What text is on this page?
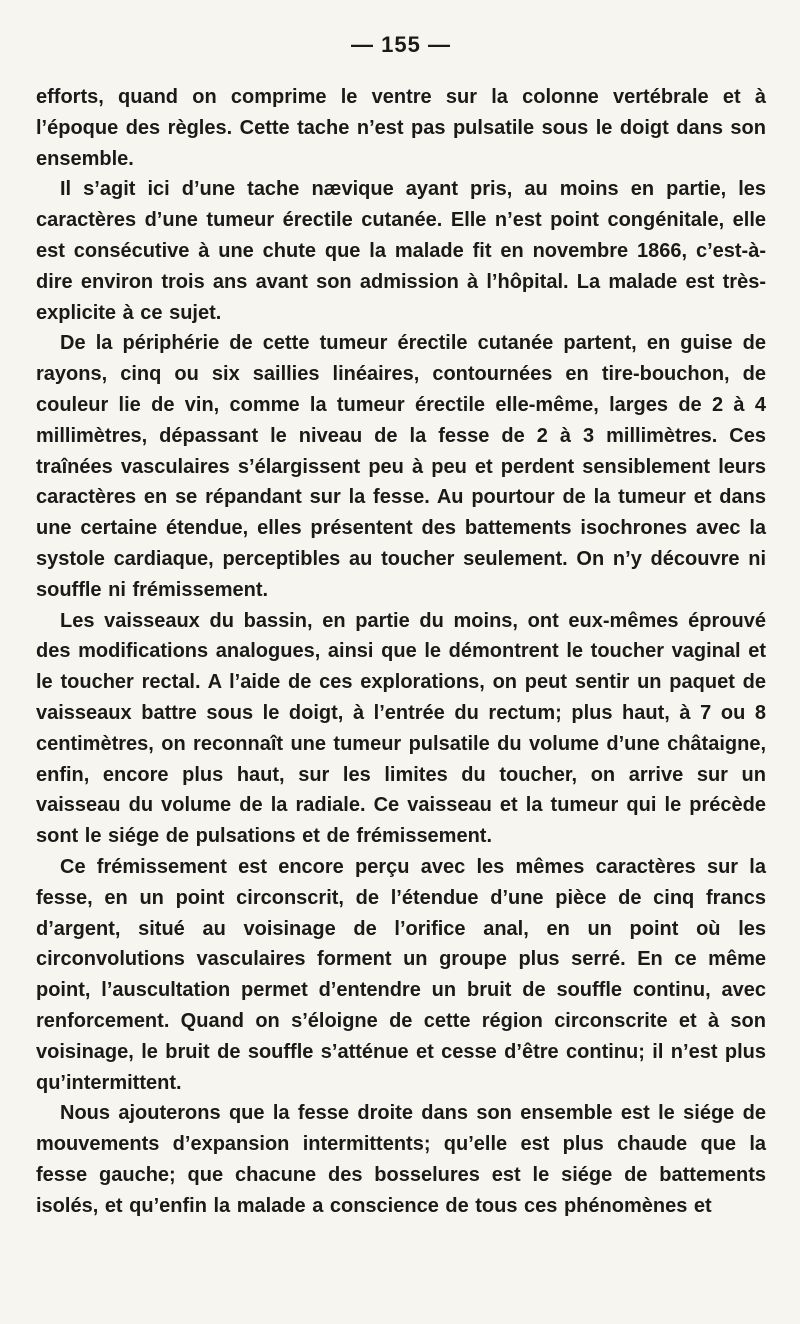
— 155 —

efforts, quand on comprime le ventre sur la colonne vertébrale et à l’époque des règles. Cette tache n’est pas pulsatile sous le doigt dans son ensemble.

Il s’agit ici d’une tache nævique ayant pris, au moins en partie, les caractères d’une tumeur érectile cutanée. Elle n’est point congénitale, elle est consécutive à une chute que la malade fit en novembre 1866, c’est-à-dire environ trois ans avant son admission à l’hôpital. La malade est très-explicite à ce sujet.

De la périphérie de cette tumeur érectile cutanée partent, en guise de rayons, cinq ou six saillies linéaires, contournées en tire-bouchon, de couleur lie de vin, comme la tumeur érectile elle-même, larges de 2 à 4 millimètres, dépassant le niveau de la fesse de 2 à 3 millimètres. Ces traînées vasculaires s’élargissent peu à peu et perdent sensiblement leurs caractères en se répandant sur la fesse. Au pourtour de la tumeur et dans une certaine étendue, elles présentent des battements isochrones avec la systole cardiaque, perceptibles au toucher seulement. On n’y découvre ni souffle ni frémissement.

Les vaisseaux du bassin, en partie du moins, ont eux-mêmes éprouvé des modifications analogues, ainsi que le démontrent le toucher vaginal et le toucher rectal. A l’aide de ces explorations, on peut sentir un paquet de vaisseaux battre sous le doigt, à l’entrée du rectum; plus haut, à 7 ou 8 centimètres, on reconnaît une tumeur pulsatile du volume d’une châtaigne, enfin, encore plus haut, sur les limites du toucher, on arrive sur un vaisseau du volume de la radiale. Ce vaisseau et la tumeur qui le précède sont le siége de pulsations et de frémissement.

Ce frémissement est encore perçu avec les mêmes caractères sur la fesse, en un point circonscrit, de l’étendue d’une pièce de cinq francs d’argent, situé au voisinage de l’orifice anal, en un point où les circonvolutions vasculaires forment un groupe plus serré. En ce même point, l’auscultation permet d’entendre un bruit de souffle continu, avec renforcement. Quand on s’éloigne de cette région circonscrite et à son voisinage, le bruit de souffle s’atténue et cesse d’être continu; il n’est plus qu’intermittent.

Nous ajouterons que la fesse droite dans son ensemble est le siége de mouvements d’expansion intermittents; qu’elle est plus chaude que la fesse gauche; que chacune des bosselures est le siége de battements isolés, et qu’enfin la malade a conscience de tous ces phénomènes et
